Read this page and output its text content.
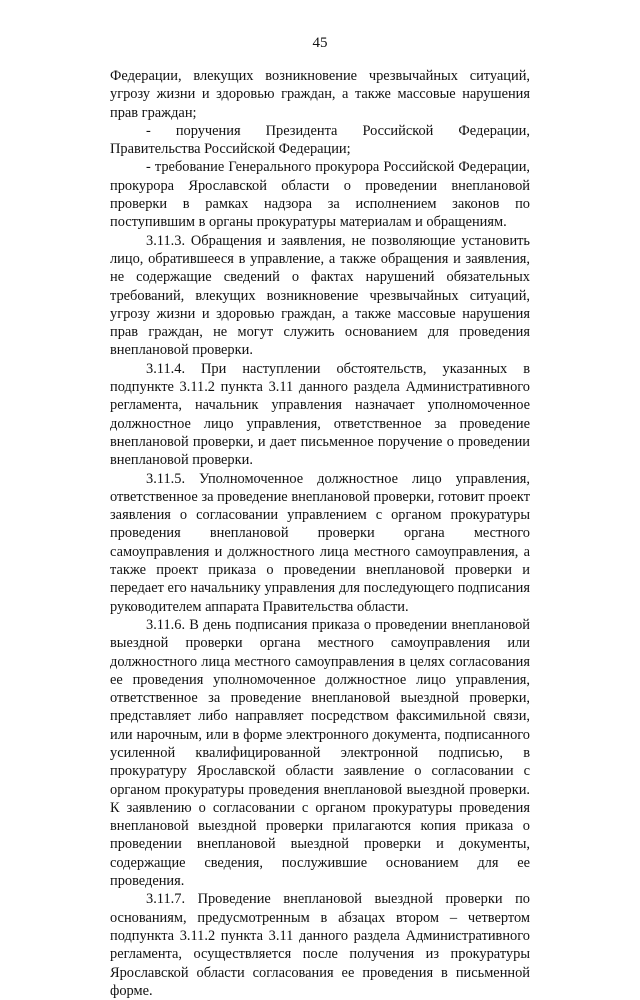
45

Федерации, влекущих возникновение чрезвычайных ситуаций, угрозу жизни и здоровью граждан, а также массовые нарушения прав граждан;

- поручения Президента Российской Федерации, Правительства Российской Федерации;

- требование Генерального прокурора Российской Федерации, прокурора Ярославской области о проведении внеплановой проверки в рамках надзора за исполнением законов по поступившим в органы прокуратуры материалам и обращениям.

3.11.3. Обращения и заявления, не позволяющие установить лицо, обратившееся в управление, а также обращения и заявления, не содержащие сведений о фактах нарушений обязательных требований, влекущих возникновение чрезвычайных ситуаций, угрозу жизни и здоровью граждан, а также массовые нарушения прав граждан, не могут служить основанием для проведения внеплановой проверки.

3.11.4. При наступлении обстоятельств, указанных в подпункте 3.11.2 пункта 3.11 данного раздела Административного регламента, начальник управления назначает уполномоченное должностное лицо управления, ответственное за проведение внеплановой проверки, и дает письменное поручение о проведении внеплановой проверки.

3.11.5. Уполномоченное должностное лицо управления, ответственное за проведение внеплановой проверки, готовит проект заявления о согласовании управлением с органом прокуратуры проведения внеплановой проверки органа местного самоуправления и должностного лица местного самоуправления, а также проект приказа о проведении внеплановой проверки и передает его начальнику управления для последующего подписания руководителем аппарата Правительства области.

3.11.6. В день подписания приказа о проведении внеплановой выездной проверки органа местного самоуправления или должностного лица местного самоуправления в целях согласования ее проведения уполномоченное должностное лицо управления, ответственное за проведение внеплановой выездной проверки, представляет либо направляет посредством факсимильной связи, или нарочным, или в форме электронного документа, подписанного усиленной квалифицированной электронной подписью, в прокуратуру Ярославской области заявление о согласовании с органом прокуратуры проведения внеплановой выездной проверки. К заявлению о согласовании с органом прокуратуры проведения внеплановой выездной проверки прилагаются копия приказа о проведении внеплановой выездной проверки и документы, содержащие сведения, послужившие основанием для ее проведения.

3.11.7. Проведение внеплановой выездной проверки по основаниям, предусмотренным в абзацах втором – четвертом подпункта 3.11.2 пункта 3.11 данного раздела Административного регламента, осуществляется после получения из прокуратуры Ярославской области согласования ее проведения в письменной форме.
